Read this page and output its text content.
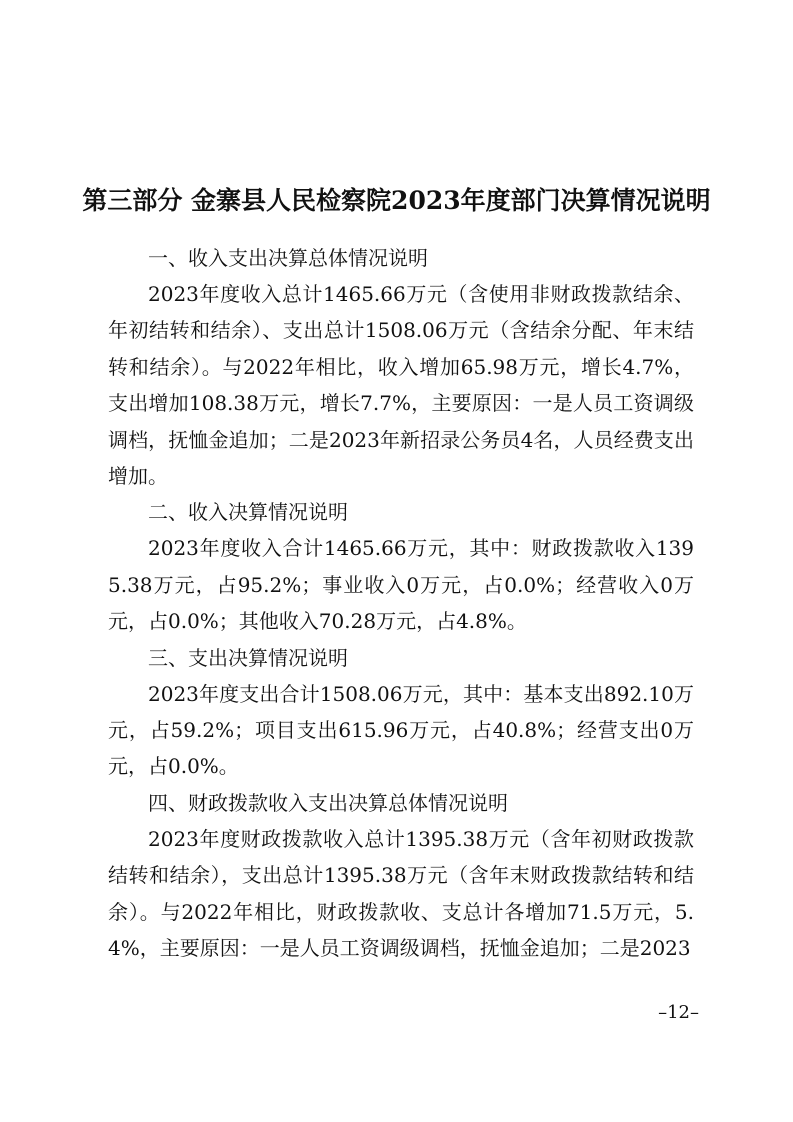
第三部分 金寨县人民检察院2023年度部门决算情况说明

一、收入支出决算总体情况说明

2023年度收入总计1465.66万元（含使用非财政拨款结余、年初结转和结余）、支出总计1508.06万元（含结余分配、年末结转和结余）。与2022年相比，收入增加65.98万元，增长4.7%，支出增加108.38万元，增长7.7%，主要原因：一是人员工资调级调档，抚恤金追加；二是2023年新招录公务员4名，人员经费支出增加。

二、收入决算情况说明

2023年度收入合计1465.66万元，其中：财政拨款收入1395.38万元，占95.2%；事业收入0万元，占0.0%；经营收入0万元，占0.0%；其他收入70.28万元，占4.8%。

三、支出决算情况说明

2023年度支出合计1508.06万元，其中：基本支出892.10万元，占59.2%；项目支出615.96万元，占40.8%；经营支出0万元，占0.0%。

四、财政拨款收入支出决算总体情况说明

2023年度财政拨款收入总计1395.38万元（含年初财政拨款结转和结余），支出总计1395.38万元（含年末财政拨款结转和结余）。与2022年相比，财政拨款收、支总计各增加71.5万元，5.4%，主要原因：一是人员工资调级调档，抚恤金追加；二是2023

–12–
